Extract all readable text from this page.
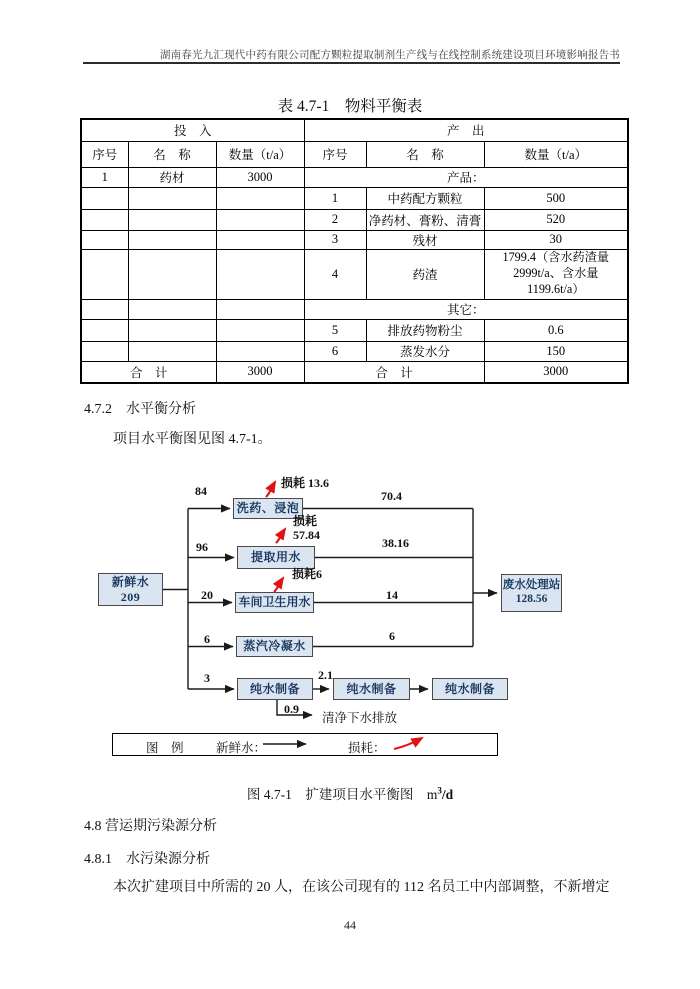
湖南春光九汇现代中药有限公司配方颗粒提取制剂生产线与在线控制系统建设项目环境影响报告书
表 4.7-1　物料平衡表
投　入			产　出		
序号	名　称	数量（t/a）	序号	名　称	数量（t/a）
1	药材	3000	产品：		
			1	中药配方颗粒	500
			2	净药材、膏粉、清膏	520
			3	残材	30
			4	药渣	1799.4（含水药渣量 2999t/a、含水量 1199.6t/a）
			其它：		
			5	排放药物粉尘	0.6
			6	蒸发水分	150
合　计		3000	合　计		3000
4.7.2　水平衡分析
项目水平衡图见图 4.7-1。
新鲜水
209
洗药、浸泡
提取用水
车间卫生用水
蒸汽冷凝水
纯水制备	纯水制备	纯水制备
废水处理站
128.56
84
损耗 13.6
70.4
96
损耗
57.84
38.16
损耗6
20	14
6	6
3	2.1
0.9
清净下水排放
图　例	新鲜水：	损耗：
图 4.7-1　扩建项目水平衡图　$m^3/d$
4.8 营运期污染源分析
4.8.1　水污染源分析
本次扩建项目中所需的 20 人，在该公司现有的 112 名员工中内部调整，不新增定
44
